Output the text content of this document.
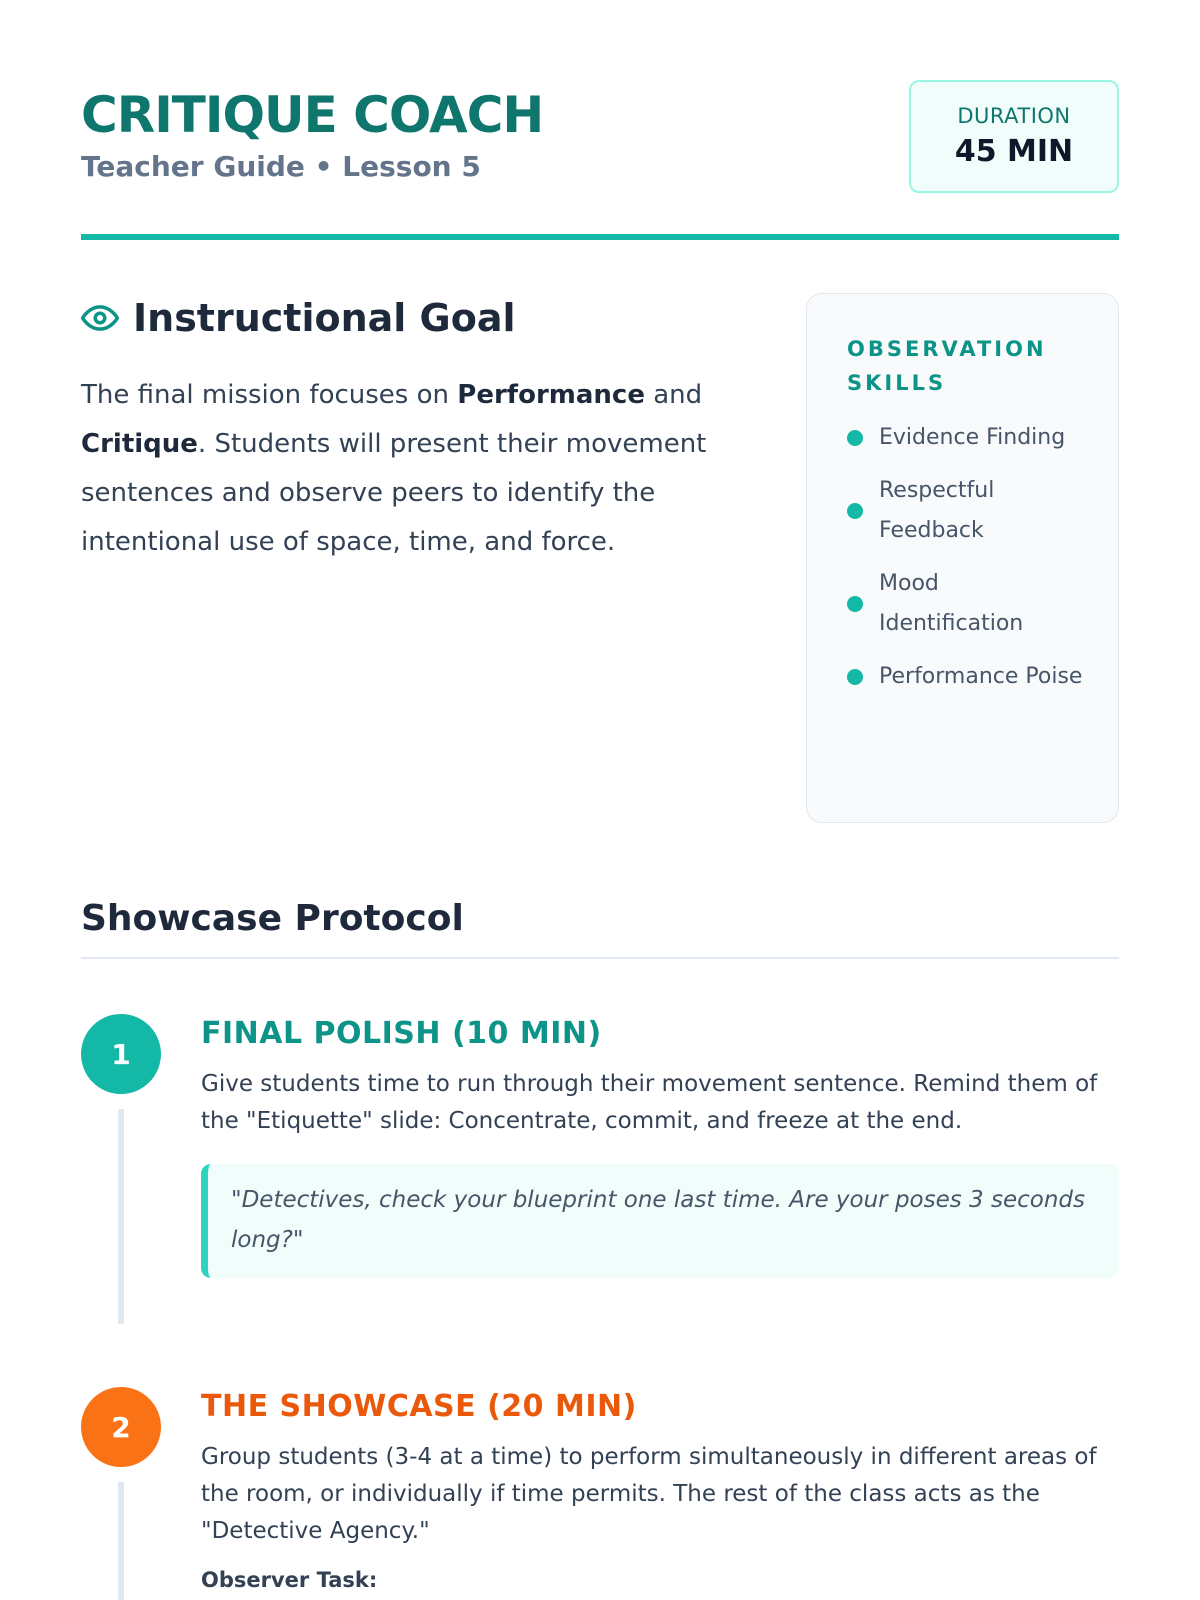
CRITIQUE COACH
Teacher Guide • Lesson 5
DURATION
45 MIN
Instructional Goal

The final mission focuses on Performance and Critique. Students will present their movement sentences and observe peers to identify the intentional use of space, time, and force.

OBSERVATION SKILLS
Evidence Finding
Respectful Feedback
Mood Identification
Performance Poise
Showcase Protocol
1
FINAL POLISH (10 MIN)

Give students time to run through their movement sentence. Remind them of the "Etiquette" slide: Concentrate, commit, and freeze at the end.

"Detectives, check your blueprint one last time. Are your poses 3 seconds long?"
2
THE SHOWCASE (20 MIN)

Group students (3-4 at a time) to perform simultaneously in different areas of the room, or individually if time permits. The rest of the class acts as the "Detective Agency."

Observer Task:
